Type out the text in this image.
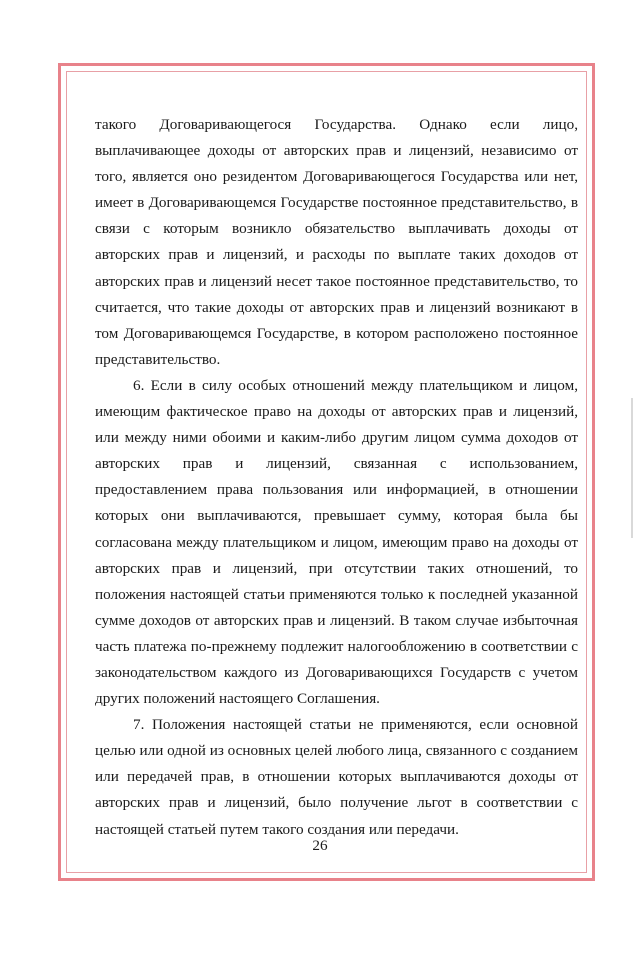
такого Договаривающегося Государства. Однако если лицо,

выплачивающее доходы от авторских прав и лицензий, независимо от того, является оно резидентом Договаривающегося Государства или нет, имеет в Договаривающемся Государстве постоянное представительство, в связи с которым возникло обязательство выплачивать доходы от авторских прав и лицензий, и расходы по выплате таких доходов от авторских прав и лицензий несет такое постоянное представительство, то считается, что такие доходы от авторских прав и лицензий возникают в том Договаривающемся Государстве, в котором расположено постоянное представительство.

6. Если в силу особых отношений между плательщиком и лицом, имеющим фактическое право на доходы от авторских прав и лицензий, или между ними обоими и каким-либо другим лицом сумма доходов от авторских прав и лицензий, связанная с использованием, предоставлением права пользования или информацией, в отношении которых они выплачиваются, превышает сумму, которая была бы согласована между плательщиком и лицом, имеющим право на доходы от авторских прав и лицензий, при отсутствии таких отношений, то положения настоящей статьи применяются только к последней указанной сумме доходов от авторских прав и лицензий. В таком случае избыточная часть платежа по-прежнему подлежит налогообложению в соответствии с законодательством каждого из Договаривающихся Государств с учетом других положений настоящего Соглашения.

7. Положения настоящей статьи не применяются, если основной целью или одной из основных целей любого лица, связанного с созданием или передачей прав, в отношении которых выплачиваются доходы от авторских прав и лицензий, было получение льгот в соответствии с настоящей статьей путем такого создания или передачи.

26
